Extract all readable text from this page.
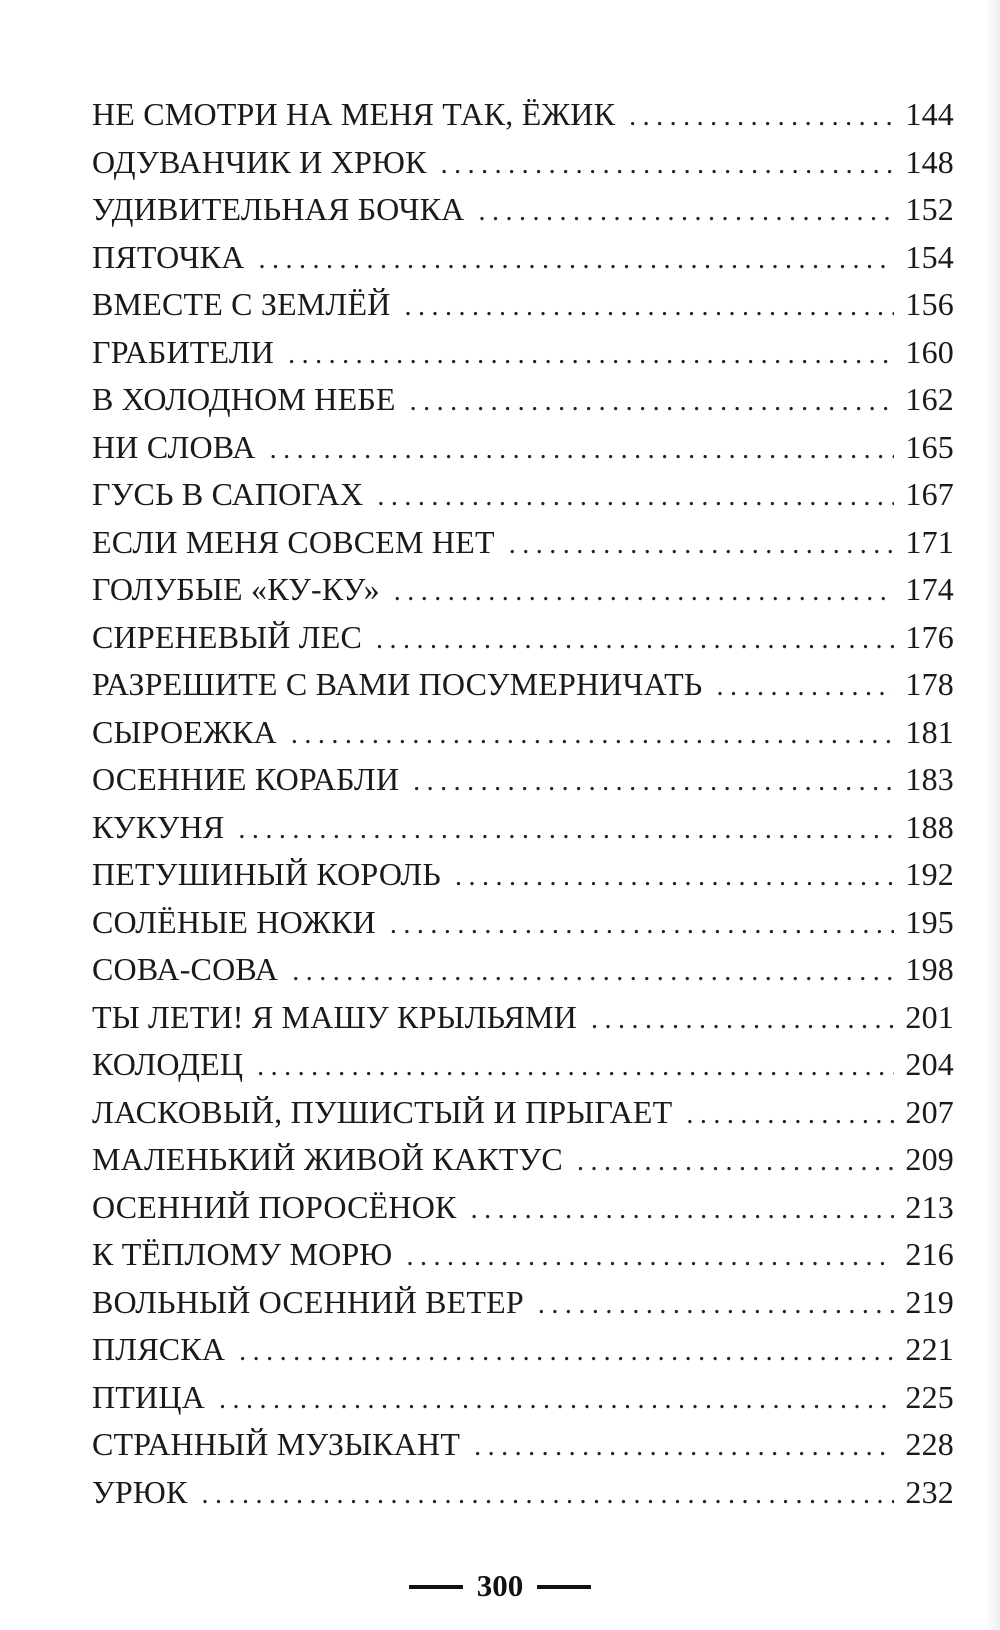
НЕ СМОТРИ НА МЕНЯ ТАК, ЁЖИК . . .	144
ОДУВАНЧИК И ХРЮК . . .	148
УДИВИТЕЛЬНАЯ БОЧКА . . .	152
ПЯТОЧКА . . .	154
ВМЕСТЕ С ЗЕМЛЁЙ . . .	156
ГРАБИТЕЛИ . . .	160
В ХОЛОДНОМ НЕБЕ . . .	162
НИ СЛОВА . . .	165
ГУСЬ В САПОГАХ . . .	167
ЕСЛИ МЕНЯ СОВСЕМ НЕТ . . .	171
ГОЛУБЫЕ «КУ-КУ» . . .	174
СИРЕНЕВЫЙ ЛЕС . . .	176
РАЗРЕШИТЕ С ВАМИ ПОСУМЕРНИЧАТЬ . . .	178
СЫРОЕЖКА . . .	181
ОСЕННИЕ КОРАБЛИ . . .	183
КУКУНЯ . . .	188
ПЕТУШИНЫЙ КОРОЛЬ . . .	192
СОЛЁНЫЕ НОЖКИ . . .	195
СОВА-СОВА . . .	198
ТЫ ЛЕТИ! Я МАШУ КРЫЛЬЯМИ . . .	201
КОЛОДЕЦ . . .	204
ЛАСКОВЫЙ, ПУШИСТЫЙ И ПРЫГАЕТ . . .	207
МАЛЕНЬКИЙ ЖИВОЙ КАКТУС . . .	209
ОСЕННИЙ ПОРОСЁНОК . . .	213
К ТЁПЛОМУ МОРЮ . . .	216
ВОЛЬНЫЙ ОСЕННИЙ ВЕТЕР . . .	219
ПЛЯСКА . . .	221
ПТИЦА . . .	225
СТРАННЫЙ МУЗЫКАНТ . . .	228
УРЮК . . .	232
300
